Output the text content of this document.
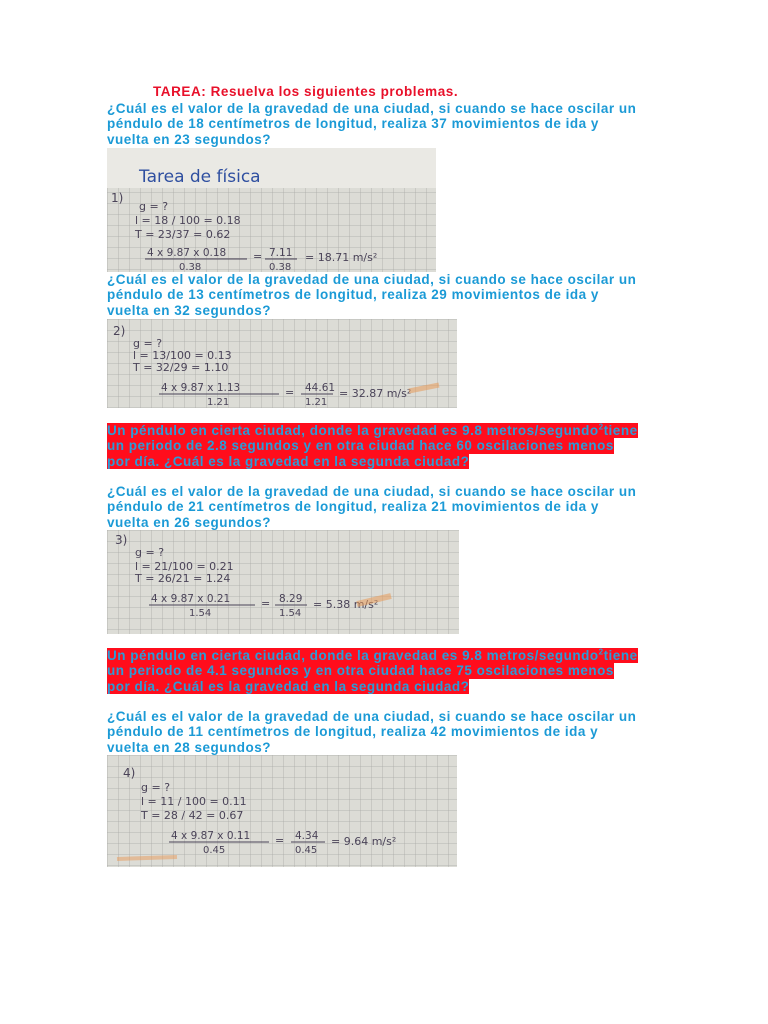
TAREA: Resuelva los siguientes problemas.

¿Cuál es el valor de la gravedad de una ciudad, si cuando se hace oscilar un
péndulo de 18 centímetros de longitud, realiza 37 movimientos de ida y
vuelta en 23 segundos?
Tarea de física
1)
g = ?
l = 18 / 100 = 0.18
T = 23/37 = 0.62
4 x 9.87 x 0.18
0.38
= 7.11
0.38
= 18.71 m/s²
¿Cuál es el valor de la gravedad de una ciudad, si cuando se hace oscilar un
péndulo de 13 centímetros de longitud, realiza 29 movimientos de ida y
vuelta en 32 segundos?
2)
g = ?
l = 13/100 = 0.13
T = 32/29 = 1.10
4 x 9.87 x 1.13
1.21
= 44.61
1.21
= 32.87 m/s²
Un péndulo en cierta ciudad, donde la gravedad es 9.8 metros/segundo$^2$tiene
un periodo de 2.8 segundos y en otra ciudad hace 60 oscilaciones menos
por día. ¿Cuál es la gravedad en la segunda ciudad?
¿Cuál es el valor de la gravedad de una ciudad, si cuando se hace oscilar un
péndulo de 21 centímetros de longitud, realiza 21 movimientos de ida y
vuelta en 26 segundos?
3)
g = ?
l = 21/100 = 0.21
T = 26/21 = 1.24
4 x 9.87 x 0.21
1.54
= 8.29
1.54
= 5.38 m/s²
Un péndulo en cierta ciudad, donde la gravedad es 9.8 metros/segundo$^2$tiene
un periodo de 4.1 segundos y en otra ciudad hace 75 oscilaciones menos
por día. ¿Cuál es la gravedad en la segunda ciudad?
¿Cuál es el valor de la gravedad de una ciudad, si cuando se hace oscilar un
péndulo de 11 centímetros de longitud, realiza 42 movimientos de ida y
vuelta en 28 segundos?
4)
g = ?
l = 11 / 100 = 0.11
T = 28 / 42 = 0.67
4 x 9.87 x 0.11
0.45
= 4.34
0.45
= 9.64 m/s²
